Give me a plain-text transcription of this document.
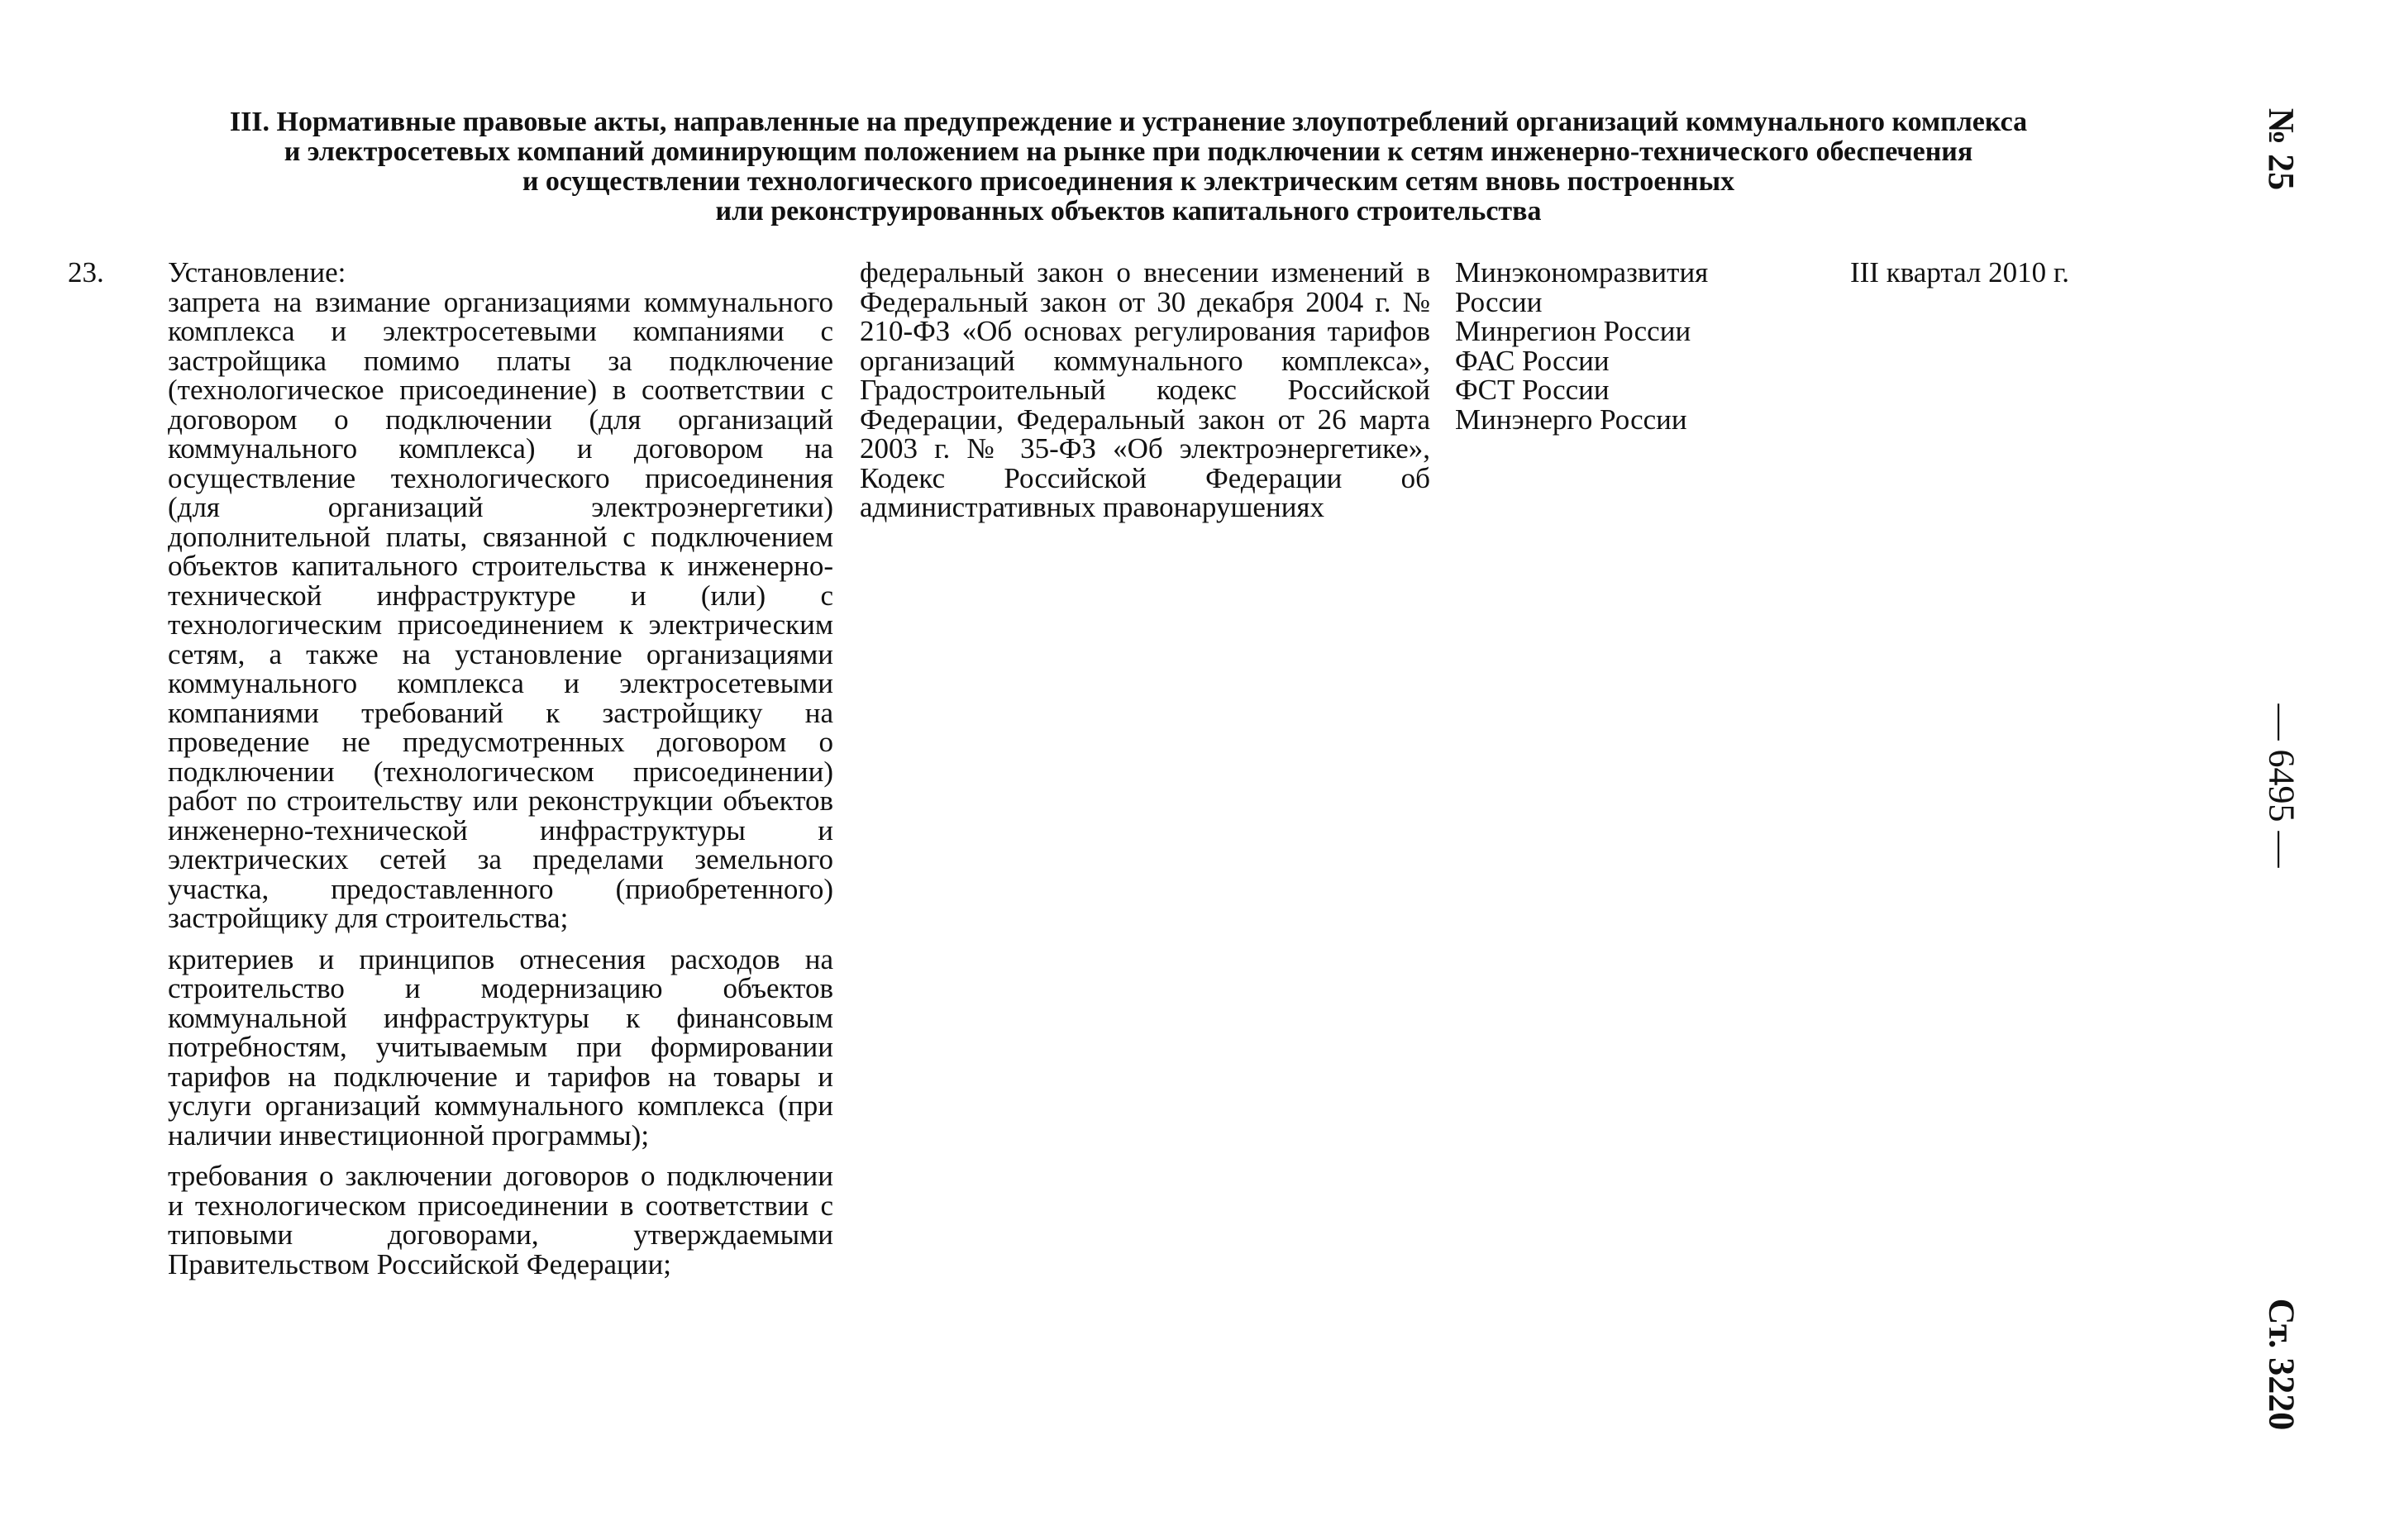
III. Нормативные правовые акты, направленные на предупреждение и устранение злоупотреблений организаций коммунального комплекса
и электросетевых компаний доминирующим положением на рынке при подключении к сетям инженерно-технического обеспечения
и осуществлении технологического присоединения к электрическим сетям вновь построенных
или реконструированных объектов капитального строительства
23.	Установление:

запрета на взимание организациями коммунального комплекса и электросетевыми компаниями с застройщика помимо платы за подключение (технологическое присоединение) в соответствии с договором о подключении (для организаций коммунального комплекса) и договором на осуществление технологического присоединения (для организаций электроэнергетики) дополнительной платы, связанной с подключением объектов капитального строительства к инженерно-технической инфраструктуре и (или) с технологическим присоединением к электрическим сетям, а также на установление организациями коммунального комплекса и электросетевыми компаниями требований к застройщику на проведение не предусмотренных договором о подключении (технологическом присоединении) работ по строительству или реконструкции объектов инженерно-технической инфраструктуры и электрических сетей за пределами земельного участка, предоставленного (приобретенного) застройщику для строительства;

критериев и принципов отнесения расходов на строительство и модернизацию объектов коммунальной инфраструктуры к финансовым потребностям, учитываемым при формировании тарифов на подключение и тарифов на товары и услуги организаций коммунального комплекса (при наличии инвестиционной программы);

требования о заключении договоров о подключении и технологическом присоединении в соответствии с типовыми договорами, утверждаемыми Правительством Российской Федерации;

федеральный закон о внесении изменений в Федеральный закон от 30 декабря 2004 г. № 210-ФЗ «Об основах регулирования тарифов организаций коммунального комплекса», Градостроительный кодекс Российской Федерации, Федеральный закон от 26 марта 2003 г. № 35-ФЗ «Об электроэнергетике», Кодекс Российской Федерации об административных правонарушениях
Минэкономразвития России
Минрегион России
ФАС России
ФСТ России
Минэнерго России
III квартал 2010 г.
№ 25
— 6495 —
Ст. 3220
